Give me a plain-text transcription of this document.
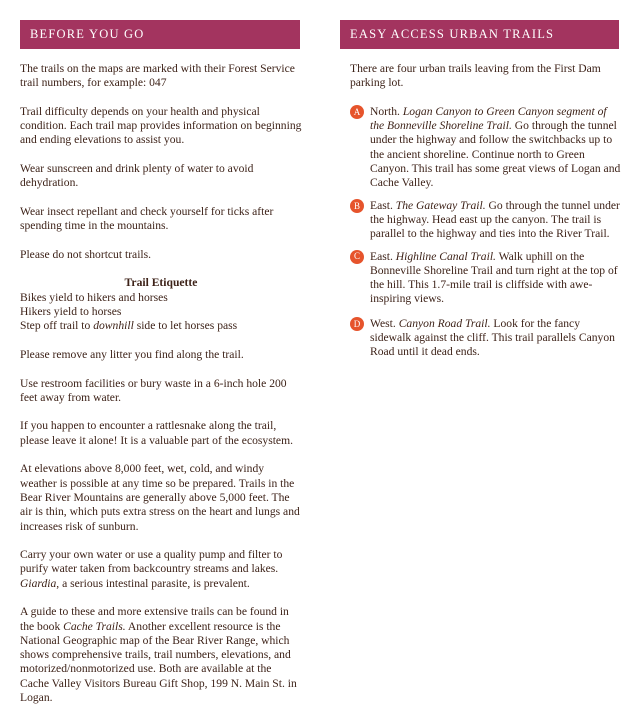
BEFORE YOU GO

The trails on the maps are marked with their Forest Service trail numbers, for example: 047

Trail difficulty depends on your health and physical condition. Each trail map provides information on beginning and ending elevations to assist you.

Wear sunscreen and drink plenty of water to avoid dehydration.

Wear insect repellant and check yourself for ticks after spending time in the mountains.

Please do not shortcut trails.

Trail Etiquette
Bikes yield to hikers and horses
Hikers yield to horses
Step off trail to downhill side to let horses pass

Please remove any litter you find along the trail.

Use restroom facilities or bury waste in a 6-inch hole 200 feet away from water.

If you happen to encounter a rattlesnake along the trail, please leave it alone! It is a valuable part of the ecosystem.

At elevations above 8,000 feet, wet, cold, and windy weather is possible at any time so be prepared. Trails in the Bear River Mountains are generally above 5,000 feet. The air is thin, which puts extra stress on the heart and lungs and increases risk of sunburn.

Carry your own water or use a quality pump and filter to purify water taken from backcountry streams and lakes. Giardia, a serious intestinal parasite, is prevalent.

A guide to these and more extensive trails can be found in the book Cache Trails. Another excellent resource is the National Geographic map of the Bear River Range, which shows comprehensive trails, trail numbers, elevations, and motorized/nonmotorized use. Both are available at the Cache Valley Visitors Bureau Gift Shop, 199 N. Main St. in Logan.

EASY ACCESS URBAN TRAILS

There are four urban trails leaving from the First Dam parking lot.

A North. Logan Canyon to Green Canyon segment of the Bonneville Shoreline Trail. Go through the tunnel under the highway and follow the switchbacks up to the ancient shoreline. Continue north to Green Canyon. This trail has some great views of Logan and Cache Valley.
B East. The Gateway Trail. Go through the tunnel under the highway. Head east up the canyon. The trail is parallel to the highway and ties into the River Trail.
C East. Highline Canal Trail. Walk uphill on the Bonneville Shoreline Trail and turn right at the top of the hill. This 1.7-mile trail is cliffside with awe-inspiring views.
D West. Canyon Road Trail. Look for the fancy sidewalk against the cliff. This trail parallels Canyon Road until it dead ends.
